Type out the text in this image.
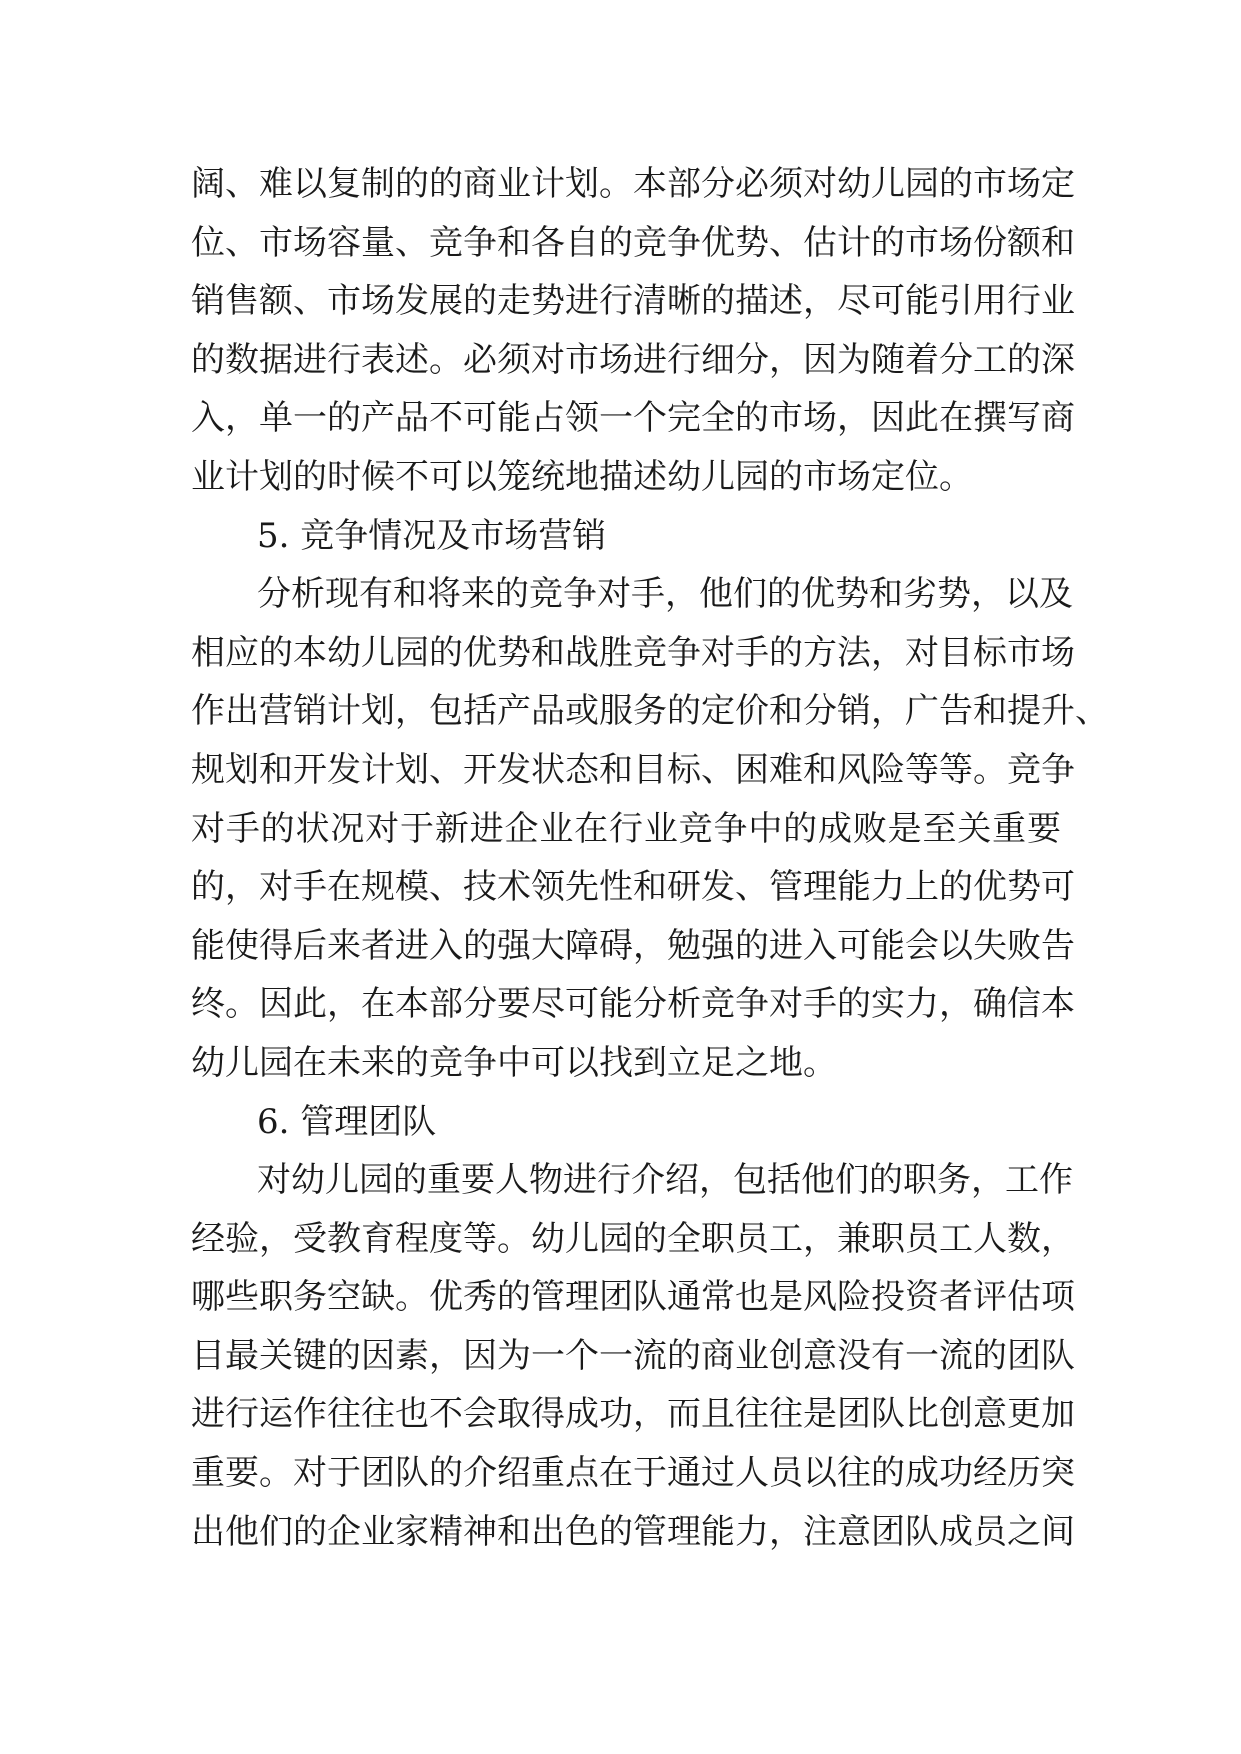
阔、难以复制的的商业计划。本部分必须对幼儿园的市场定
位、市场容量、竞争和各自的竞争优势、估计的市场份额和
销售额、市场发展的走势进行清晰的描述，尽可能引用行业
的数据进行表述。必须对市场进行细分，因为随着分工的深
入，单一的产品不可能占领一个完全的市场，因此在撰写商
业计划的时候不可以笼统地描述幼儿园的市场定位。
5. 竞争情况及市场营销
分析现有和将来的竞争对手，他们的优势和劣势，以及
相应的本幼儿园的优势和战胜竞争对手的方法，对目标市场
作出营销计划，包括产品或服务的定价和分销，广告和提升、
规划和开发计划、开发状态和目标、困难和风险等等。竞争
对手的状况对于新进企业在行业竞争中的成败是至关重要
的，对手在规模、技术领先性和研发、管理能力上的优势可
能使得后来者进入的强大障碍，勉强的进入可能会以失败告
终。因此，在本部分要尽可能分析竞争对手的实力，确信本
幼儿园在未来的竞争中可以找到立足之地。
6. 管理团队
对幼儿园的重要人物进行介绍，包括他们的职务，工作
经验，受教育程度等。幼儿园的全职员工，兼职员工人数，
哪些职务空缺。优秀的管理团队通常也是风险投资者评估项
目最关键的因素，因为一个一流的商业创意没有一流的团队
进行运作往往也不会取得成功，而且往往是团队比创意更加
重要。对于团队的介绍重点在于通过人员以往的成功经历突
出他们的企业家精神和出色的管理能力，注意团队成员之间
